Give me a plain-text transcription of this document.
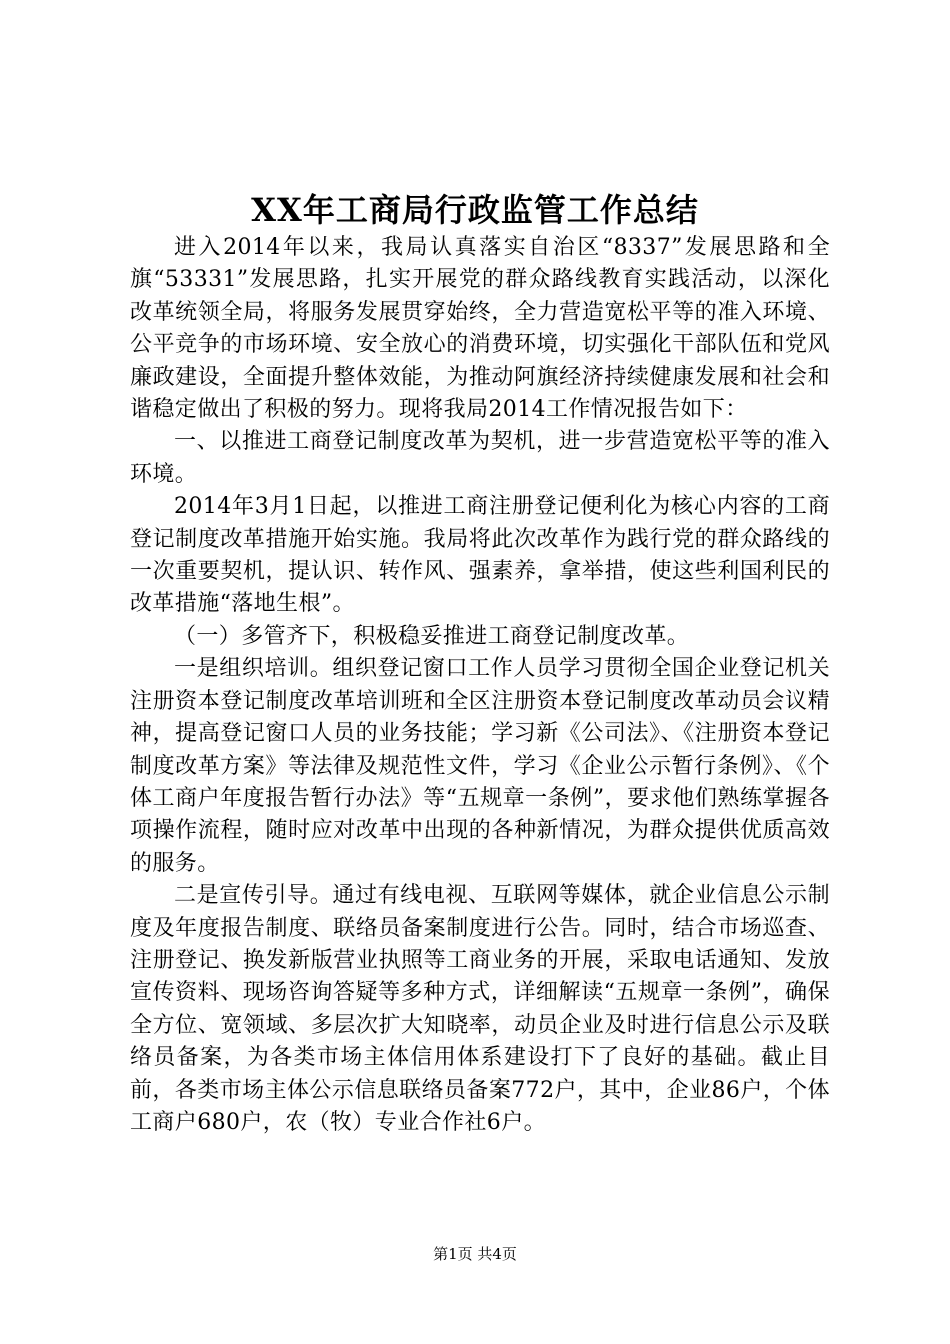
XX年工商局行政监管工作总结

进入2014年以来，我局认真落实自治区“8337”发展思路和全旗“53331”发展思路，扎实开展党的群众路线教育实践活动，以深化改革统领全局，将服务发展贯穿始终，全力营造宽松平等的准入环境、公平竞争的市场环境、安全放心的消费环境，切实强化干部队伍和党风廉政建设，全面提升整体效能，为推动阿旗经济持续健康发展和社会和谐稳定做出了积极的努力。现将我局2014工作情况报告如下：

一、以推进工商登记制度改革为契机，进一步营造宽松平等的准入环境。

2014年3月1日起，以推进工商注册登记便利化为核心内容的工商登记制度改革措施开始实施。我局将此次改革作为践行党的群众路线的一次重要契机，提认识、转作风、强素养，拿举措，使这些利国利民的改革措施“落地生根”。

（一）多管齐下，积极稳妥推进工商登记制度改革。

一是组织培训。组织登记窗口工作人员学习贯彻全国企业登记机关注册资本登记制度改革培训班和全区注册资本登记制度改革动员会议精神，提高登记窗口人员的业务技能；学习新《公司法》、《注册资本登记制度改革方案》等法律及规范性文件，学习《企业公示暂行条例》、《个体工商户年度报告暂行办法》等“五规章一条例”，要求他们熟练掌握各项操作流程，随时应对改革中出现的各种新情况，为群众提供优质高效的服务。

二是宣传引导。通过有线电视、互联网等媒体，就企业信息公示制度及年度报告制度、联络员备案制度进行公告。同时，结合市场巡查、注册登记、换发新版营业执照等工商业务的开展，采取电话通知、发放宣传资料、现场咨询答疑等多种方式，详细解读“五规章一条例”，确保全方位、宽领域、多层次扩大知晓率，动员企业及时进行信息公示及联络员备案，为各类市场主体信用体系建设打下了良好的基础。截止目前，各类市场主体公示信息联络员备案772户，其中，企业86户，个体工商户680户，农（牧）专业合作社6户。

第1页 共4页
